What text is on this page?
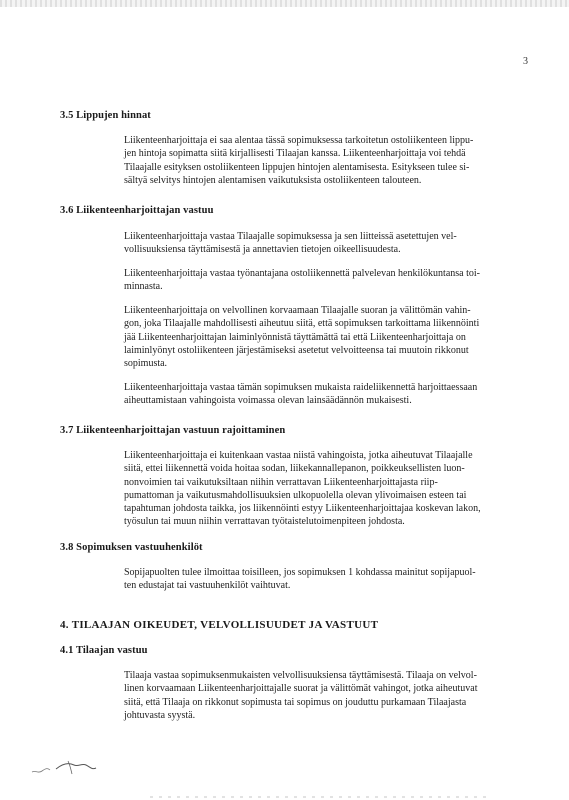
3
3.5 Lippujen hinnat
Liikenteenharjoittaja ei saa alentaa tässä sopimuksessa tarkoitetun ostoliikenteen lippu-
jen hintoja sopimatta siitä kirjallisesti Tilaajan kanssa. Liikenteenharjoittaja voi tehdä
Tilaajalle esityksen ostoliikenteen lippujen hintojen alentamisesta. Esitykseen tulee si-
sältyä selvitys hintojen alentamisen vaikutuksista ostoliikenteen talouteen.
3.6 Liikenteenharjoittajan vastuu
Liikenteenharjoittaja vastaa Tilaajalle sopimuksessa ja sen liitteissä asetettujen vel-
vollisuuksiensa täyttämisestä ja annettavien tietojen oikeellisuudesta.
Liikenteenharjoittaja vastaa työnantajana ostoliikennettä palvelevan henkilökuntansa toi-
minnasta.
Liikenteenharjoittaja on velvollinen korvaamaan Tilaajalle suoran ja välittömän vahin-
gon, joka Tilaajalle mahdollisesti aiheutuu siitä, että sopimuksen tarkoittama liikennöinti
jää Liikenteenharjoittajan laiminlyönnistä täyttämättä tai että Liikenteenharjoittaja on
laiminlyönyt ostoliikenteen järjestämiseksi asetetut velvoitteensa tai muutoin rikkonut
sopimusta.
Liikenteenharjoittaja vastaa tämän sopimuksen mukaista raideliikennettä harjoittaessaan
aiheuttamistaan vahingoista voimassa olevan lainsäädännön mukaisesti.
3.7 Liikenteenharjoittajan vastuun rajoittaminen
Liikenteenharjoittaja ei kuitenkaan vastaa niistä vahingoista, jotka aiheutuvat Tilaajalle
siitä, ettei liikennettä voida hoitaa sodan, liikekannallepanon, poikkeuksellisten luon-
nonvoimien tai vaikutuksiltaan niihin verrattavan Liikenteenharjoittajasta riip-
pumattoman ja vaikutusmahdollisuuksien ulkopuolella olevan ylivoimaisen esteen tai
tapahtuman johdosta taikka, jos liikennöinti estyy Liikenteenharjoittajaa koskevan lakon,
työsulun tai muun niihin verrattavan työtaistelutoimenpiteen johdosta.
3.8 Sopimuksen vastuuhenkilöt
Sopijapuolten tulee ilmoittaa toisilleen, jos sopimuksen 1 kohdassa mainitut sopijapuol-
ten edustajat tai vastuuhenkilöt vaihtuvat.
4. TILAAJAN OIKEUDET, VELVOLLISUUDET JA VASTUUT
4.1 Tilaajan vastuu
Tilaaja vastaa sopimuksenmukaisten velvollisuuksiensa täyttämisestä. Tilaaja on velvol-
linen korvaamaan Liikenteenharjoittajalle suorat ja välittömät vahingot, jotka aiheutuvat
siitä, että Tilaaja on rikkonut sopimusta tai sopimus on jouduttu purkamaan Tilaajasta
johtuvasta syystä.
